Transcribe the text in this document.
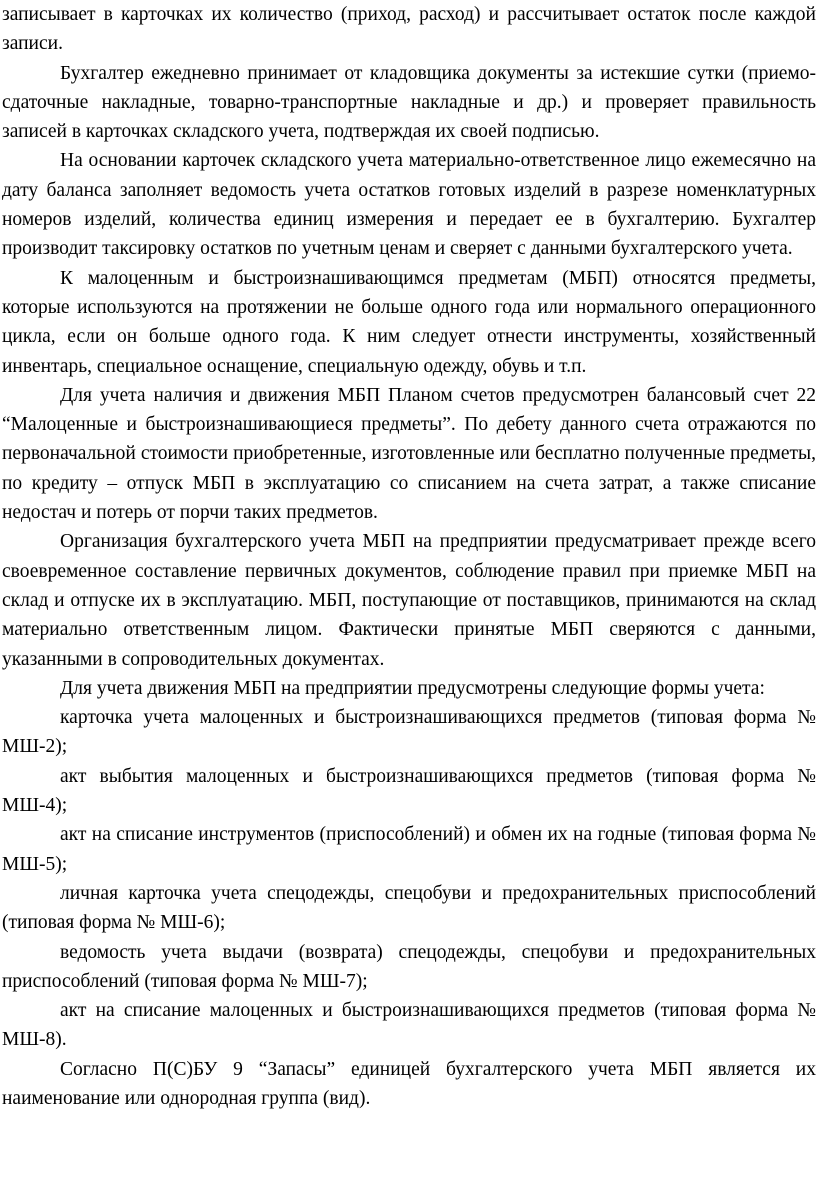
записывает в карточках их количество (приход, расход) и рассчитывает остаток после каждой записи.

Бухгалтер ежедневно принимает от кладовщика документы за истекшие сутки (приемо-сдаточные накладные, товарно-транспортные накладные и др.) и проверяет правильность записей в карточках складского учета, подтверждая их своей подписью.

На основании карточек складского учета материально-ответственное лицо ежемесячно на дату баланса заполняет ведомость учета остатков готовых изделий в разрезе номенклатурных номеров изделий, количества единиц измерения и передает ее в бухгалтерию. Бухгалтер производит таксировку остатков по учетным ценам и сверяет с данными бухгалтерского учета.

К малоценным и быстроизнашивающимся предметам (МБП) относятся предметы, которые используются на протяжении не больше одного года или нормального операционного цикла, если он больше одного года. К ним следует отнести инструменты, хозяйственный инвентарь, специальное оснащение, специальную одежду, обувь и т.п.

Для учета наличия и движения МБП Планом счетов предусмотрен балансовый счет 22 “Малоценные и быстроизнашивающиеся предметы”. По дебету данного счета отражаются по первоначальной стоимости приобретенные, изготовленные или бесплатно полученные предметы, по кредиту – отпуск МБП в эксплуатацию со списанием на счета затрат, а также списание недостач и потерь от порчи таких предметов.

Организация бухгалтерского учета МБП на предприятии предусматривает прежде всего своевременное составление первичных документов, соблюдение правил при приемке МБП на склад и отпуске их в эксплуатацию. МБП, поступающие от поставщиков, принимаются на склад материально ответственным лицом. Фактически принятые МБП сверяются с данными, указанными в сопроводительных документах.

Для учета движения МБП на предприятии предусмотрены следующие формы учета:

карточка учета малоценных и быстроизнашивающихся предметов (типовая форма № МШ-2);

акт выбытия малоценных и быстроизнашивающихся предметов (типовая форма № МШ-4);

акт на списание инструментов (приспособлений) и обмен их на годные (типовая форма № МШ-5);

личная карточка учета спецодежды, спецобуви и предохранительных приспособлений (типовая форма № МШ-6);

ведомость учета выдачи (возврата) спецодежды, спецобуви и предохранительных приспособлений (типовая форма № МШ-7);

акт на списание малоценных и быстроизнашивающихся предметов (типовая форма № МШ-8).

Согласно П(С)БУ 9 “Запасы” единицей бухгалтерского учета МБП является их наименование или однородная группа (вид).
